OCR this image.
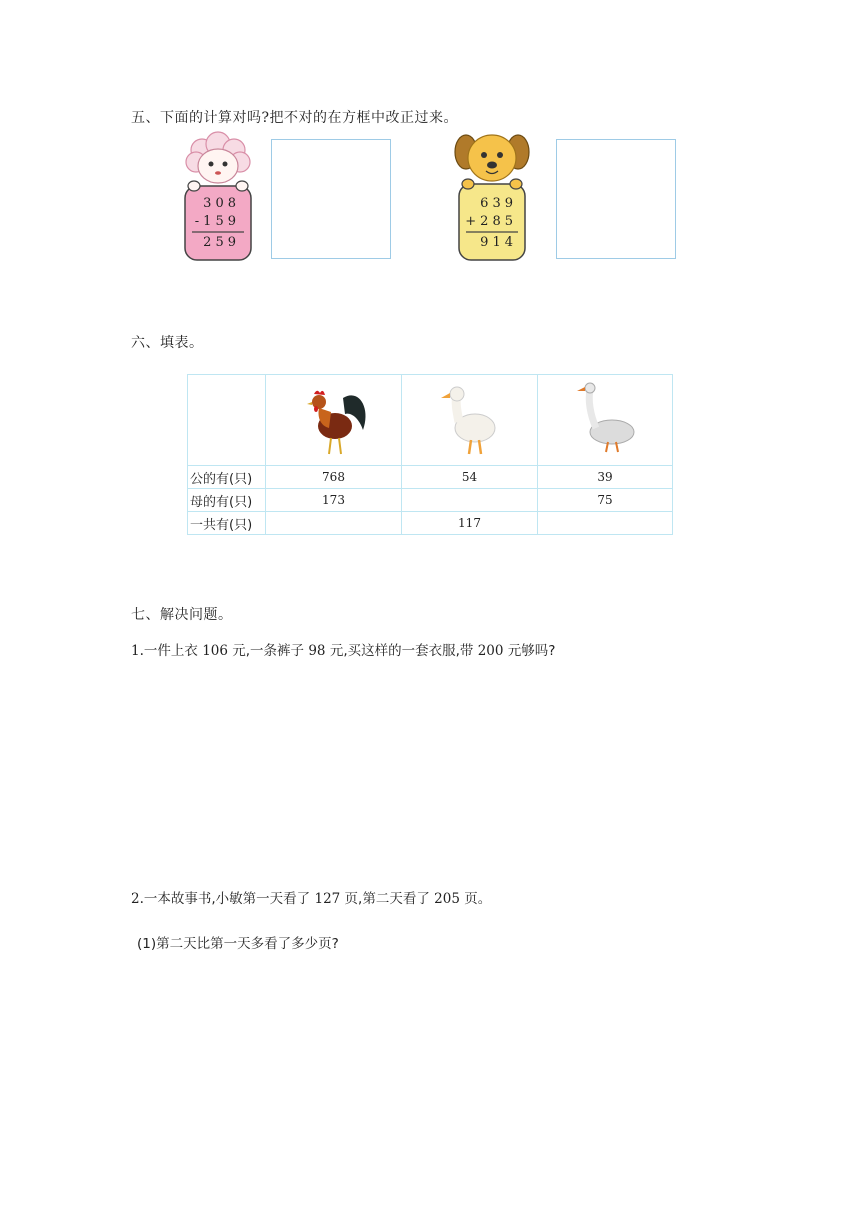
五、下面的计算对吗?把不对的在方框中改正过来。
308
-159
259
639
+285
914
六、填表。

公的有(只)	768	54	39
母的有(只)	173		75
一共有(只)		117	
七、解决问题。
1.一件上衣 106 元,一条裤子 98 元,买这样的一套衣服,带 200 元够吗?
2.一本故事书,小敏第一天看了 127 页,第二天看了 205 页。
(1)第二天比第一天多看了多少页?
